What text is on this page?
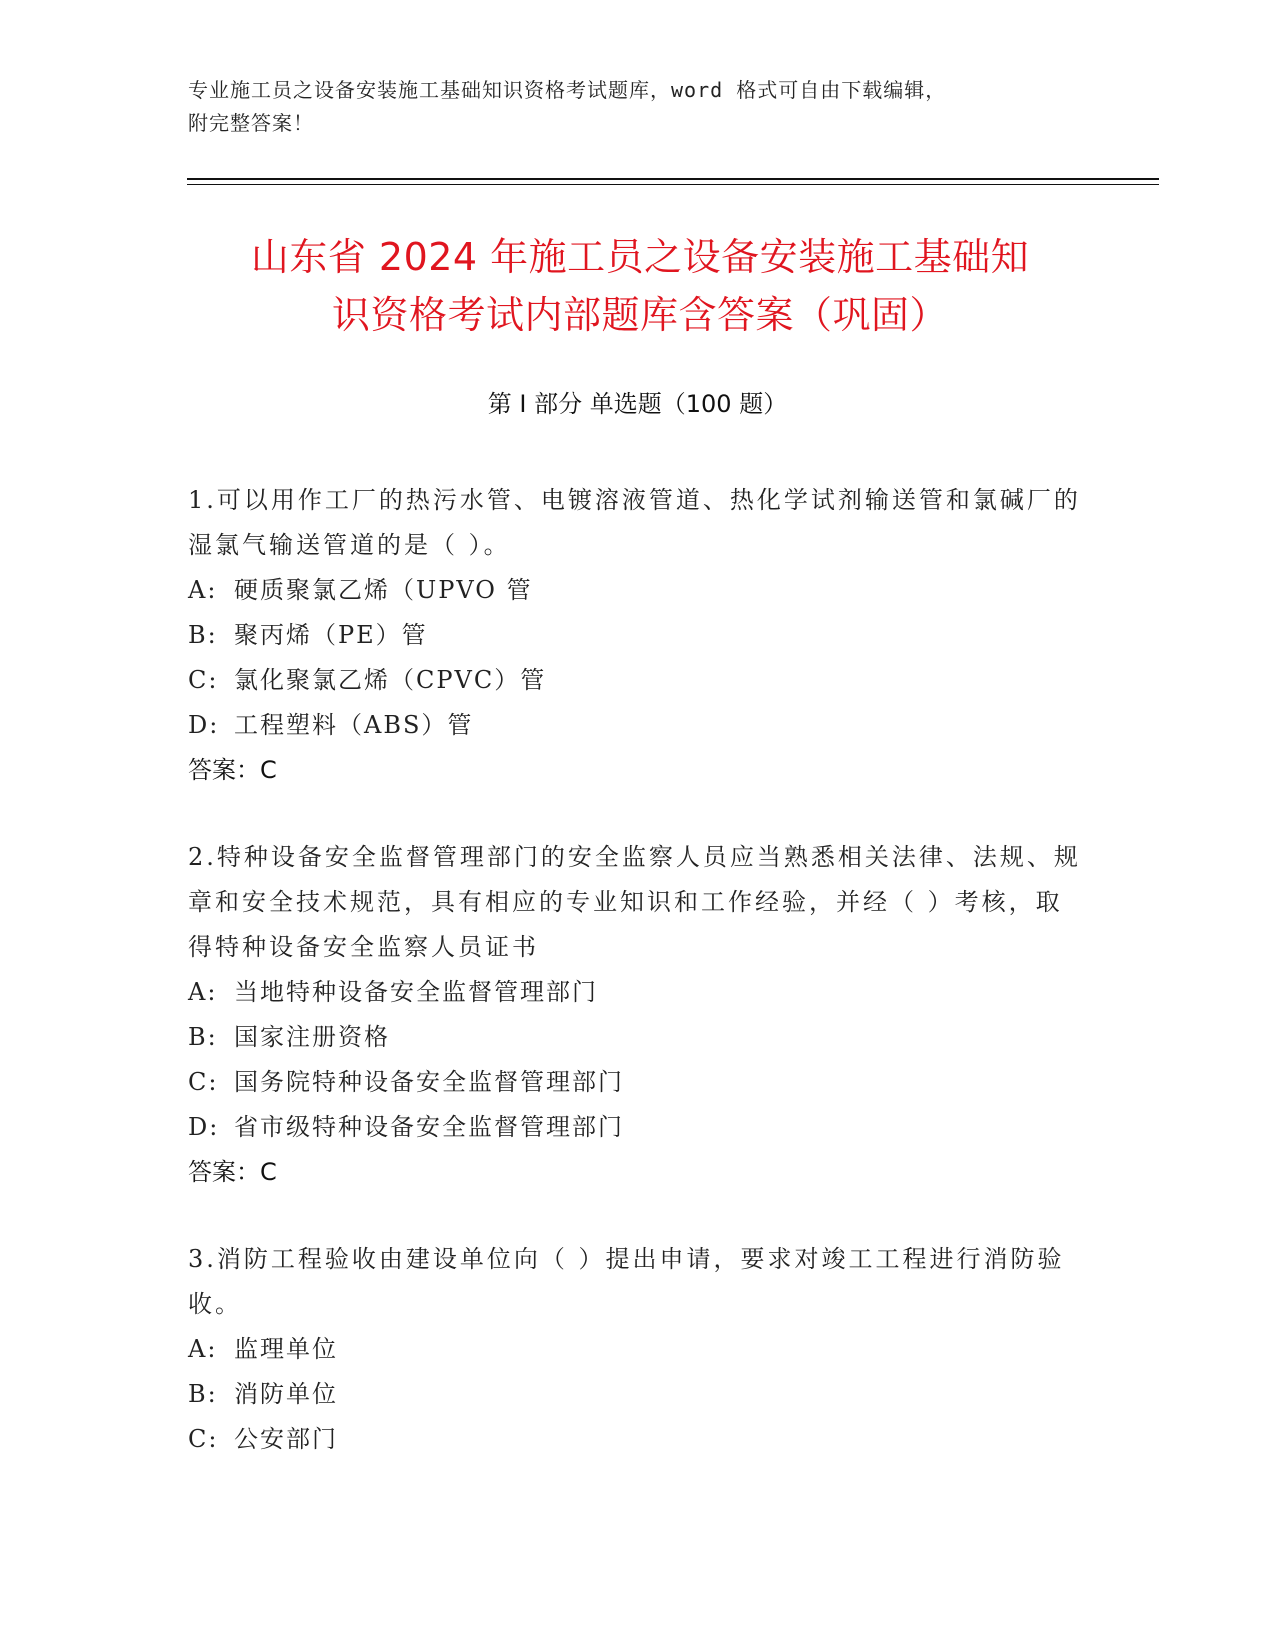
专业施工员之设备安装施工基础知识资格考试题库，word 格式可自由下载编辑，
附完整答案！
山东省 2024 年施工员之设备安装施工基础知
识资格考试内部题库含答案（巩固）
第 I 部分 单选题（100 题）

1.可以用作工厂的热污水管、电镀溶液管道、热化学试剂输送管和氯碱厂的湿氯气输送管道的是（ ）。

A: 硬质聚氯乙烯（UPVO 管

B: 聚丙烯（PE）管

C: 氯化聚氯乙烯（CPVC）管

D: 工程塑料（ABS）管

答案：C

2.特种设备安全监督管理部门的安全监察人员应当熟悉相关法律、法规、规章和安全技术规范，具有相应的专业知识和工作经验，并经（ ）考核，取得特种设备安全监察人员证书

A: 当地特种设备安全监督管理部门

B: 国家注册资格

C: 国务院特种设备安全监督管理部门

D: 省市级特种设备安全监督管理部门

答案：C

3.消防工程验收由建设单位向（ ）提出申请，要求对竣工工程进行消防验收。

A: 监理单位

B: 消防单位

C: 公安部门
